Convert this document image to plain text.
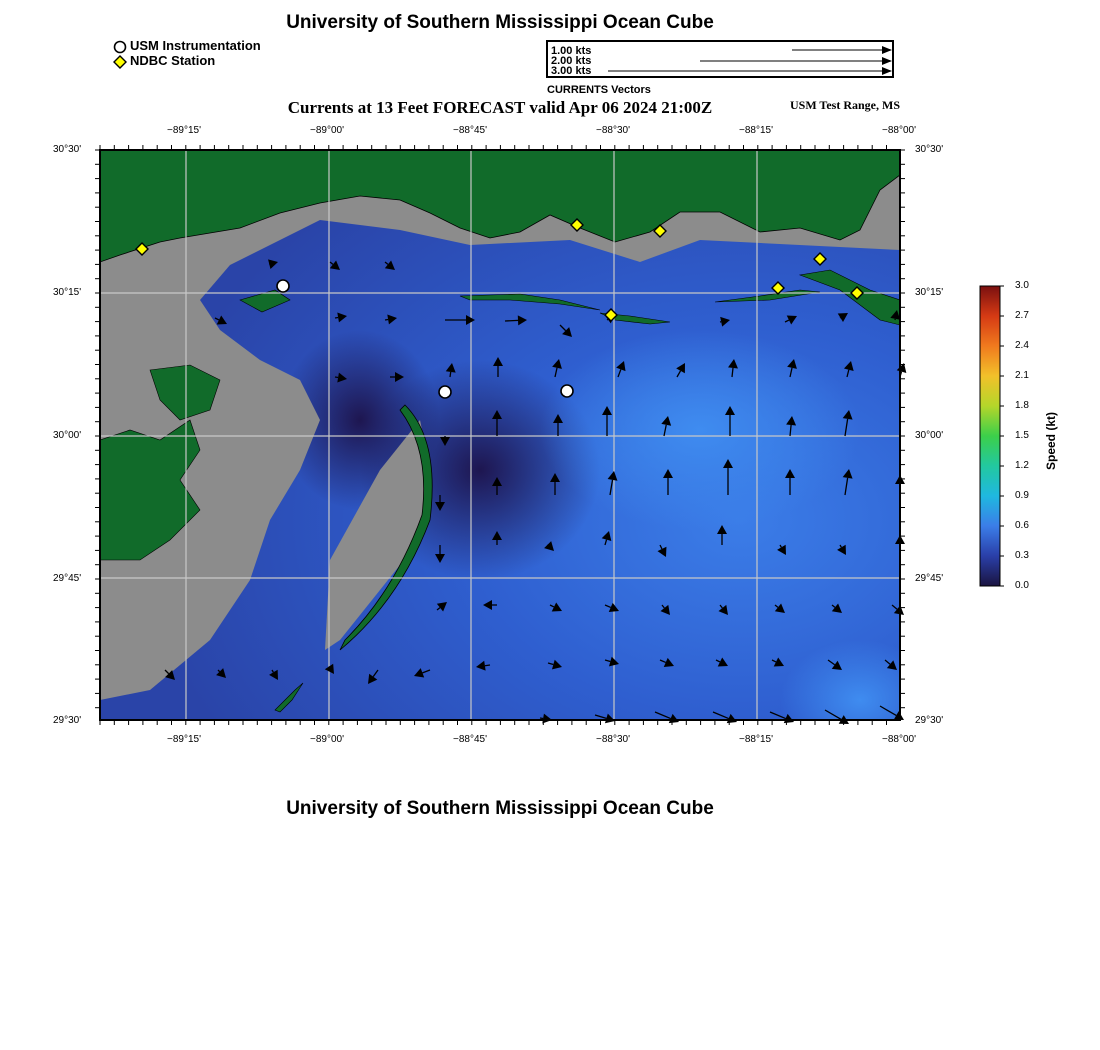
University of Southern Mississippi Ocean Cube
USM Instrumentation
NDBC Station
1.00 kts
2.00 kts
3.00 kts
CURRENTS Vectors
Currents at 13 Feet FORECAST valid Apr 06 2024 21:00Z	USM Test Range, MS
−89°15'	−89°00'	−88°45'	−88°30'	−88°15'	−88°00'
−89°15'	−89°00'	−88°45'	−88°30'	−88°15'	−88°00'
30°30'
30°15'
30°00'
29°45'
29°30'
30°30'
30°15'
30°00'
29°45'
29°30'
3.0
2.7
2.4
2.1
1.8
1.5
1.2
0.9
0.6
0.3
0.0
Speed (kt)
University of Southern Mississippi Ocean Cube
